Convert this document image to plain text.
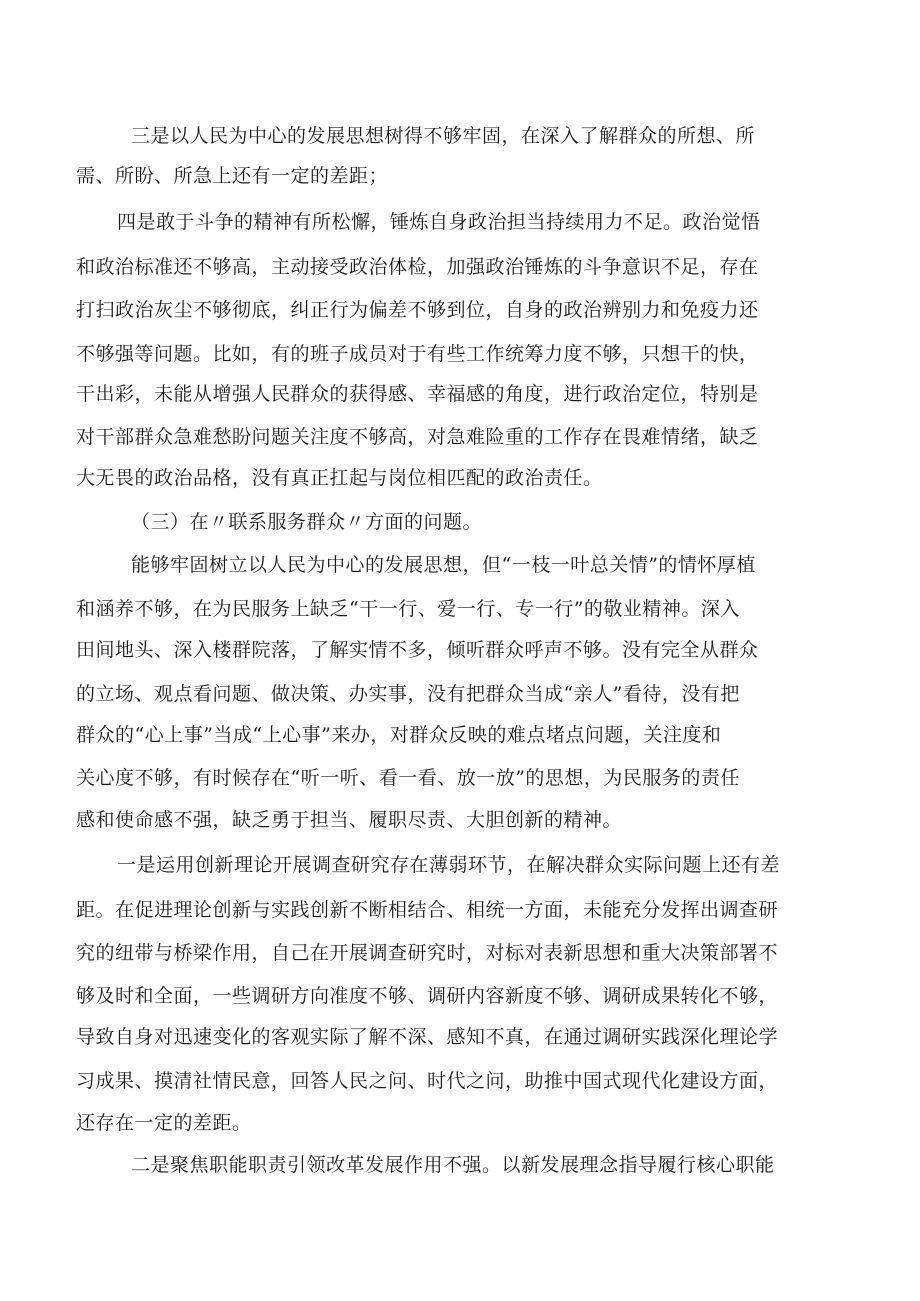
三是以人民为中心的发展思想树得不够牢固，在深入了解群众的所想、所
需、所盼、所急上还有一定的差距；
四是敢于斗争的精神有所松懈，锤炼自身政治担当持续用力不足。政治觉悟
和政治标准还不够高，主动接受政治体检，加强政治锤炼的斗争意识不足，存在
打扫政治灰尘不够彻底，纠正行为偏差不够到位，自身的政治辨别力和免疫力还
不够强等问题。比如，有的班子成员对于有些工作统筹力度不够，只想干的快，
干出彩，未能从增强人民群众的获得感、幸福感的角度，进行政治定位，特别是
对干部群众急难愁盼问题关注度不够高，对急难险重的工作存在畏难情绪，缺乏
大无畏的政治品格，没有真正扛起与岗位相匹配的政治责任。
（三）在〃联系服务群众〃方面的问题。
能够牢固树立以人民为中心的发展思想，但“一枝一叶总关情”的情怀厚植
和涵养不够，在为民服务上缺乏“干一行、爱一行、专一行”的敬业精神。深入
田间地头、深入楼群院落，了解实情不多，倾听群众呼声不够。没有完全从群众
的立场、观点看问题、做决策、办实事，没有把群众当成“亲人”看待，没有把
群众的“心上事”当成“上心事”来办，对群众反映的难点堵点问题，关注度和
关心度不够，有时候存在“听一听、看一看、放一放”的思想，为民服务的责任
感和使命感不强，缺乏勇于担当、履职尽责、大胆创新的精神。
一是运用创新理论开展调查研究存在薄弱环节，在解决群众实际问题上还有差
距。在促进理论创新与实践创新不断相结合、相统一方面，未能充分发挥出调查研
究的纽带与桥梁作用，自己在开展调查研究时，对标对表新思想和重大决策部署不
够及时和全面，一些调研方向准度不够、调研内容新度不够、调研成果转化不够，
导致自身对迅速变化的客观实际了解不深、感知不真，在通过调研实践深化理论学
习成果、摸清社情民意，回答人民之问、时代之问，助推中国式现代化建设方面，
还存在一定的差距。
二是聚焦职能职责引领改革发展作用不强。以新发展理念指导履行核心职能
